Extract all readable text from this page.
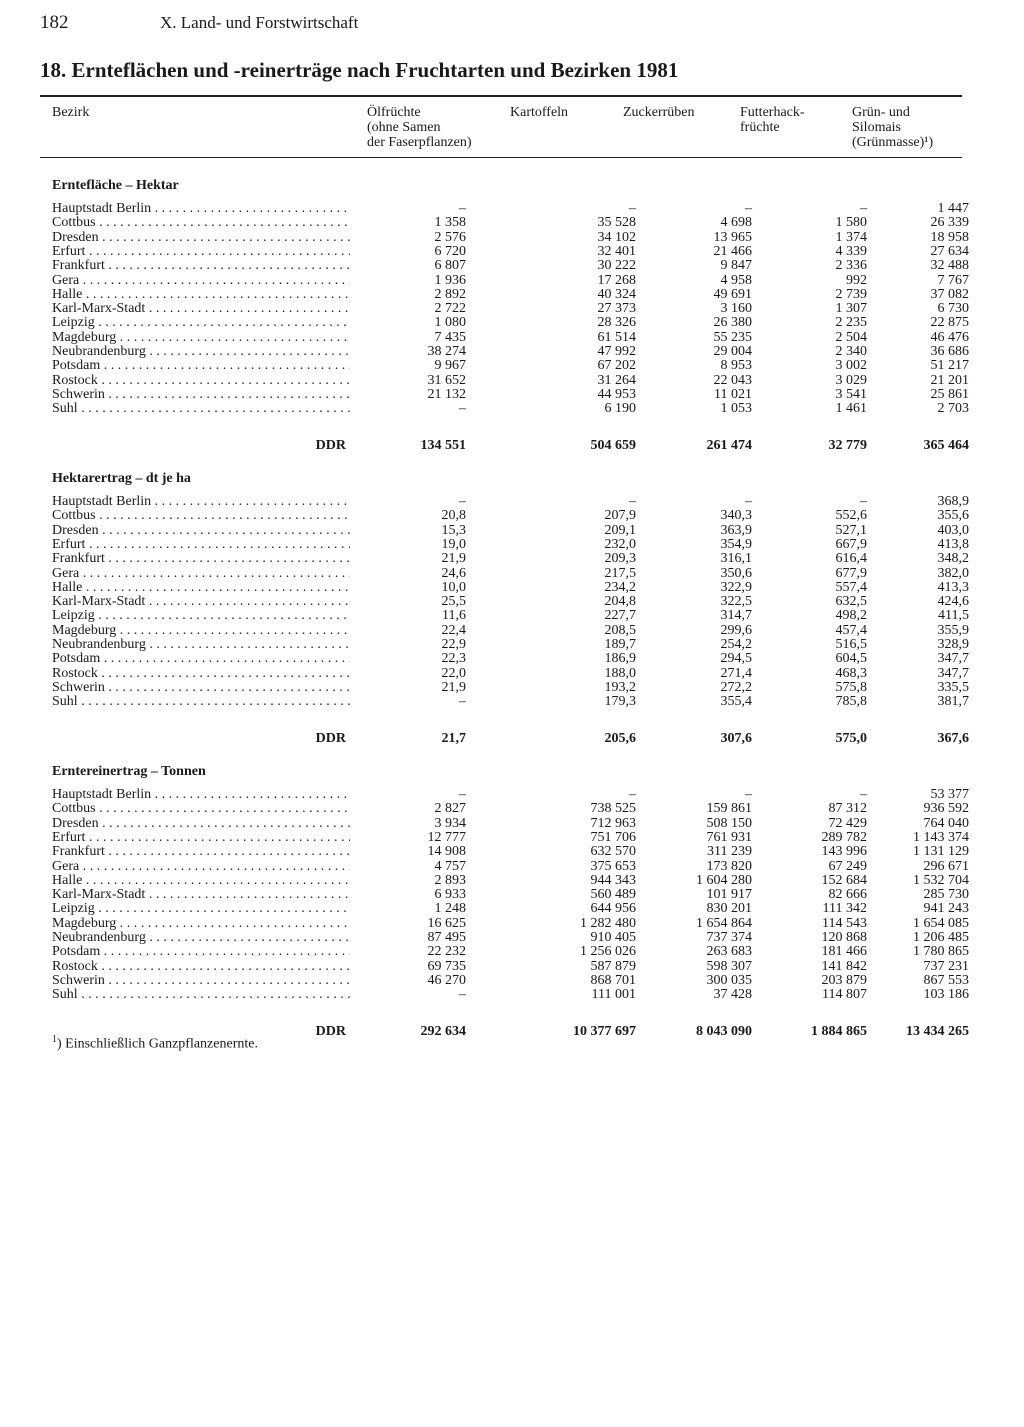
182	X. Land- und Forstwirtschaft
18. Ernteflächen und -reinerträge nach Fruchtarten und Bezirken 1981
Bezirk	Ölfrüchte
(ohne Samen
der Faserpflanzen)
Kartoffeln	Zuckerrüben	Futterhack-
früchte
Grün- und
Silomais
(Grünmasse)¹)
Erntefläche – Hektar
Hauptstadt Berlin . . .	–	–	–	–	1 447
Cottbus . . .	1 358	35 528	4 698	1 580	26 339
Dresden . . .	2 576	34 102	13 965	1 374	18 958
Erfurt . . .	6 720	32 401	21 466	4 339	27 634
Frankfurt . . .	6 807	30 222	9 847	2 336	32 488
Gera . . .	1 936	17 268	4 958	992	7 767
Halle . . .	2 892	40 324	49 691	2 739	37 082
Karl-Marx-Stadt . . .	2 722	27 373	3 160	1 307	6 730
Leipzig . . .	1 080	28 326	26 380	2 235	22 875
Magdeburg . . .	7 435	61 514	55 235	2 504	46 476
Neubrandenburg . . .	38 274	47 992	29 004	2 340	36 686
Potsdam . . .	9 967	67 202	8 953	3 002	51 217
Rostock . . .	31 652	31 264	22 043	3 029	21 201
Schwerin . . .	21 132	44 953	11 021	3 541	25 861
Suhl . . .	–	6 190	1 053	1 461	2 703
DDR	134 551	504 659	261 474	32 779	365 464
Hektarertrag – dt je ha
Hauptstadt Berlin . . .	–	–	–	–	368,9
Cottbus . . .	20,8	207,9	340,3	552,6	355,6
Dresden . . .	15,3	209,1	363,9	527,1	403,0
Erfurt . . .	19,0	232,0	354,9	667,9	413,8
Frankfurt . . .	21,9	209,3	316,1	616,4	348,2
Gera . . .	24,6	217,5	350,6	677,9	382,0
Halle . . .	10,0	234,2	322,9	557,4	413,3
Karl-Marx-Stadt . . .	25,5	204,8	322,5	632,5	424,6
Leipzig . . .	11,6	227,7	314,7	498,2	411,5
Magdeburg . . .	22,4	208,5	299,6	457,4	355,9
Neubrandenburg . . .	22,9	189,7	254,2	516,5	328,9
Potsdam . . .	22,3	186,9	294,5	604,5	347,7
Rostock . . .	22,0	188,0	271,4	468,3	347,7
Schwerin . . .	21,9	193,2	272,2	575,8	335,5
Suhl . . .	–	179,3	355,4	785,8	381,7
DDR	21,7	205,6	307,6	575,0	367,6
Erntereinertrag – Tonnen
Hauptstadt Berlin . . .	–	–	–	–	53 377
Cottbus . . .	2 827	738 525	159 861	87 312	936 592
Dresden . . .	3 934	712 963	508 150	72 429	764 040
Erfurt . . .	12 777	751 706	761 931	289 782	1 143 374
Frankfurt . . .	14 908	632 570	311 239	143 996	1 131 129
Gera . . .	4 757	375 653	173 820	67 249	296 671
Halle . . .	2 893	944 343	1 604 280	152 684	1 532 704
Karl-Marx-Stadt . . .	6 933	560 489	101 917	82 666	285 730
Leipzig . . .	1 248	644 956	830 201	111 342	941 243
Magdeburg . . .	16 625	1 282 480	1 654 864	114 543	1 654 085
Neubrandenburg . . .	87 495	910 405	737 374	120 868	1 206 485
Potsdam . . .	22 232	1 256 026	263 683	181 466	1 780 865
Rostock . . .	69 735	587 879	598 307	141 842	737 231
Schwerin . . .	46 270	868 701	300 035	203 879	867 553
Suhl . . .	–	111 001	37 428	114 807	103 186
DDR	292 634	10 377 697	8 043 090	1 884 865	13 434 265
$^1$) Einschließlich Ganzpflanzenernte.
